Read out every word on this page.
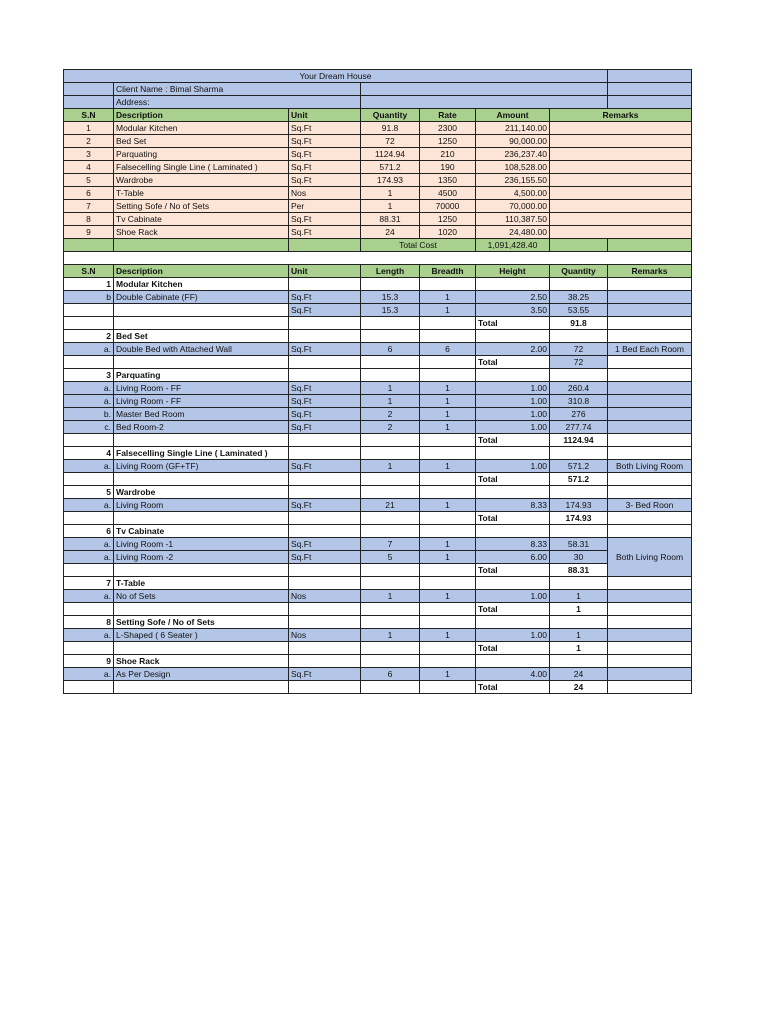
Your Dream House							
	Client Name : Bimal Sharma						
	Address:						
S.N	Description	Unit	Quantity	Rate	Amount	Remarks	
1	Modular Kitchen	Sq.Ft	91.8	2300	211,140.00		
2	Bed Set	Sq.Ft	72	1250	90,000.00		
3	Parquating	Sq.Ft	1124.94	210	236,237.40		
4	Falsecelling Single Line ( Laminated )	Sq.Ft	571.2	190	108,528.00		
5	Wardrobe	Sq.Ft	174.93	1350	236,155.50		
6	T-Table	Nos	1	4500	4,500.00		
7	Setting Sofe / No of Sets	Per	1	70000	70,000.00		
8	Tv Cabinate	Sq.Ft	88.31	1250	110,387.50		
9	Shoe Rack	Sq.Ft	24	1020	24,480.00		
			Total Cost		1,091,428.40		

S.N	Description	Unit	Length	Breadth	Height	Quantity	Remarks
1	Modular Kitchen						
b	Double Cabinate (FF)	Sq.Ft	15.3	1	2.50	38.25	
		Sq.Ft	15.3	1	3.50	53.55	
					Total	91.8	
2	Bed Set						
a.	Double Bed with Attached Wall	Sq.Ft	6	6	2.00	72	1 Bed Each Room
					Total	72	
3	Parquating						
a.	Living Room - FF	Sq.Ft	1	1	1.00	260.4	
a.	Living Room - FF	Sq.Ft	1	1	1.00	310.8	
b.	Master Bed Room	Sq.Ft	2	1	1.00	276	
c.	Bed Room-2	Sq.Ft	2	1	1.00	277.74	
					Total	1124.94	
4	Falsecelling Single Line ( Laminated )						
a.	Living Room (GF+TF)	Sq.Ft	1	1	1.00	571.2	Both Living Room
					Total	571.2	
5	Wardrobe						
a.	Living Room	Sq.Ft	21	1	8.33	174.93	3- Bed Roon
					Total	174.93	
6	Tv Cabinate						
a.	Living Room -1	Sq.Ft	7	1	8.33	58.31	Both Living Room
a.	Living Room -2	Sq.Ft	5	1	6.00	30	
					Total	88.31	
7	T-Table						
a.	No of Sets	Nos	1	1	1.00	1	
					Total	1	
8	Setting Sofe / No of Sets						
a.	L-Shaped ( 6 Seater )	Nos	1	1	1.00	1	
					Total	1	
9	Shoe Rack						
a.	As Per Design	Sq.Ft	6	1	4.00	24	
					Total	24	
